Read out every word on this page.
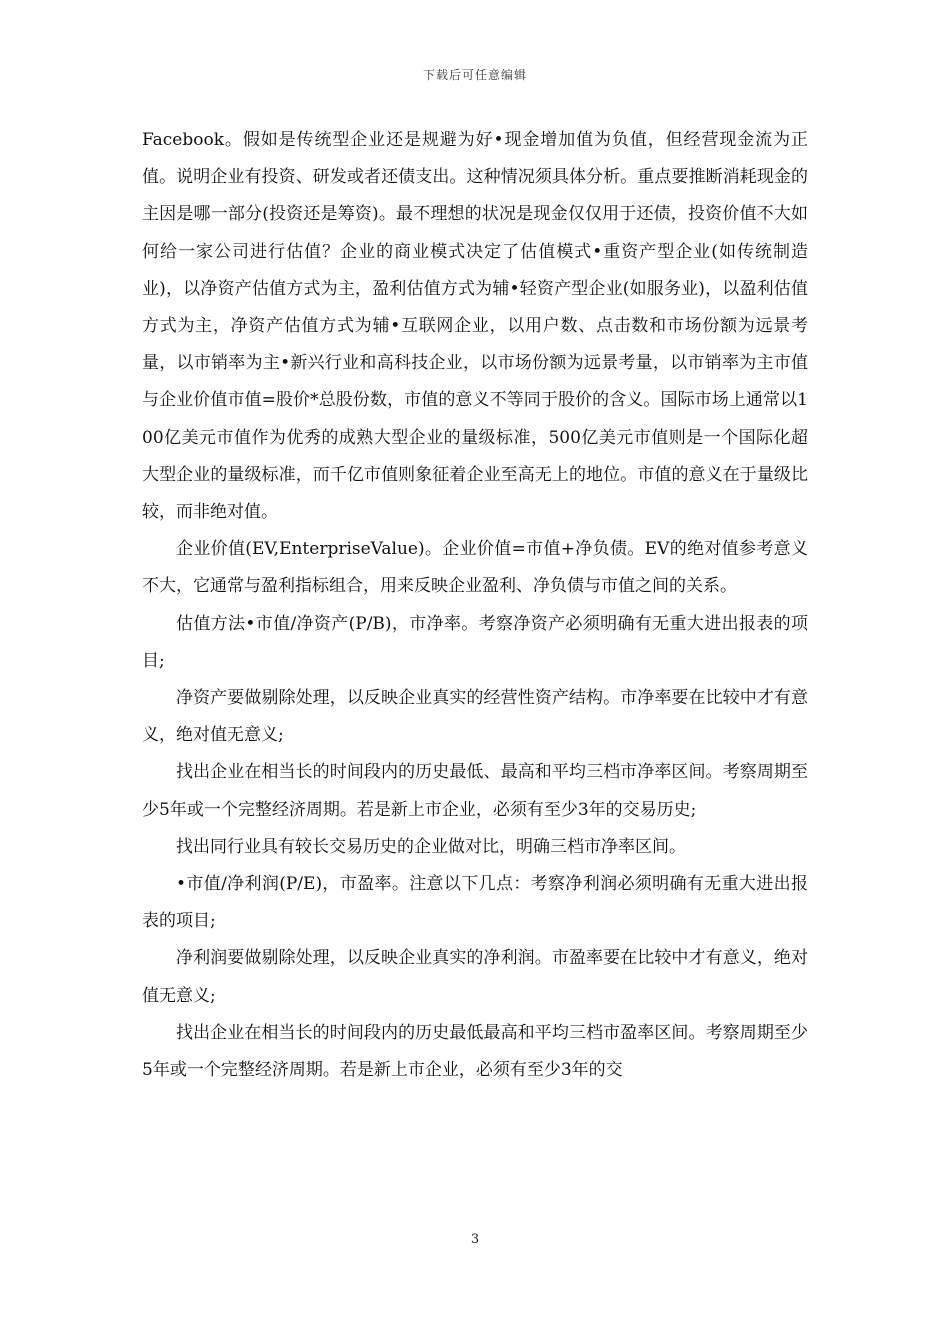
下载后可任意编辑

Facebook。假如是传统型企业还是规避为好•现金增加值为负值，但经营现金流为正值。说明企业有投资、研发或者还债支出。这种情况须具体分析。重点要推断消耗现金的主因是哪一部分(投资还是筹资)。最不理想的状况是现金仅仅用于还债，投资价值不大如何给一家公司进行估值？企业的商业模式决定了估值模式•重资产型企业(如传统制造业)，以净资产估值方式为主，盈利估值方式为辅•轻资产型企业(如服务业)，以盈利估值方式为主，净资产估值方式为辅•互联网企业，以用户数、点击数和市场份额为远景考量，以市销率为主•新兴行业和高科技企业，以市场份额为远景考量，以市销率为主市值与企业价值市值=股价*总股份数，市值的意义不等同于股价的含义。国际市场上通常以100亿美元市值作为优秀的成熟大型企业的量级标准，500亿美元市值则是一个国际化超大型企业的量级标准，而千亿市值则象征着企业至高无上的地位。市值的意义在于量级比较，而非绝对值。

企业价值(EV,EnterpriseValue)。企业价值=市值+净负债。EV的绝对值参考意义不大，它通常与盈利指标组合，用来反映企业盈利、净负债与市值之间的关系。

估值方法•市值/净资产(P/B)，市净率。考察净资产必须明确有无重大进出报表的项目;

净资产要做剔除处理，以反映企业真实的经营性资产结构。市净率要在比较中才有意义，绝对值无意义;

找出企业在相当长的时间段内的历史最低、最高和平均三档市净率区间。考察周期至少5年或一个完整经济周期。若是新上市企业，必须有至少3年的交易历史;

找出同行业具有较长交易历史的企业做对比，明确三档市净率区间。

•市值/净利润(P/E)，市盈率。注意以下几点：考察净利润必须明确有无重大进出报表的项目;

净利润要做剔除处理，以反映企业真实的净利润。市盈率要在比较中才有意义，绝对值无意义;

找出企业在相当长的时间段内的历史最低最高和平均三档市盈率区间。考察周期至少5年或一个完整经济周期。若是新上市企业，必须有至少3年的交

3
